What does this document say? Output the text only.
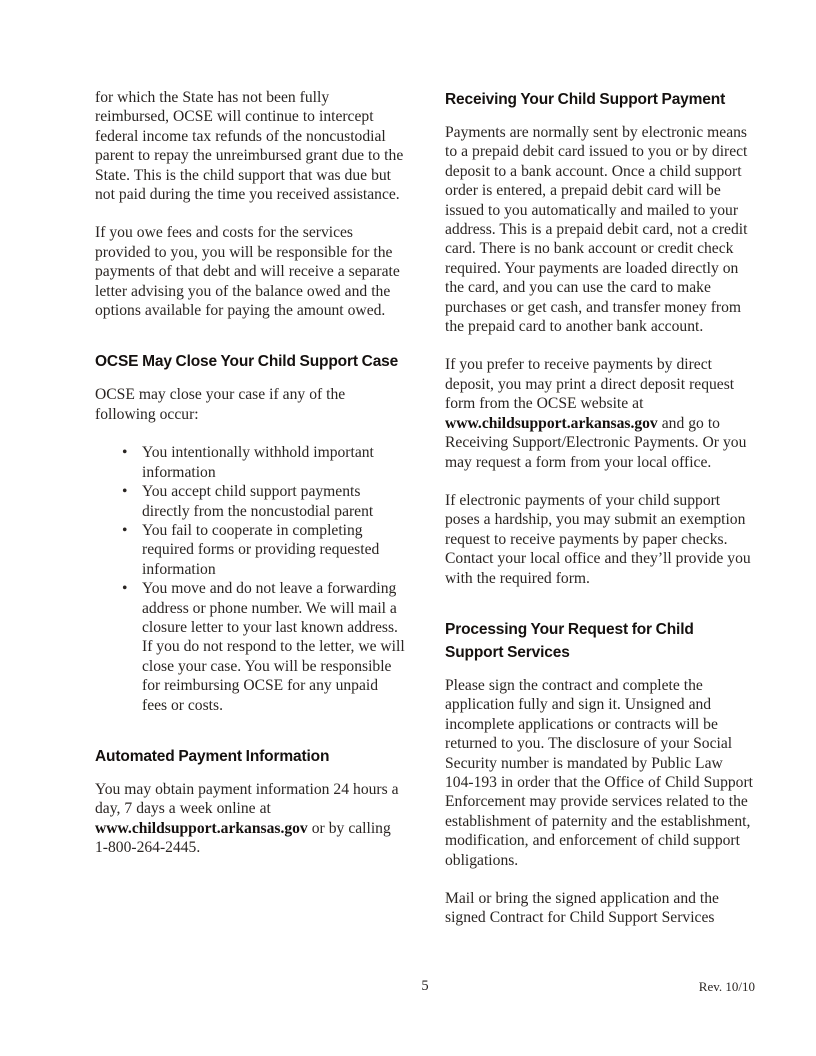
for which the State has not been fully reimbursed, OCSE will continue to intercept federal income tax refunds of the noncustodial parent to repay the unreimbursed grant due to the State. This is the child support that was due but not paid during the time you received assistance.

If you owe fees and costs for the services provided to you, you will be responsible for the payments of that debt and will receive a separate letter advising you of the balance owed and the options available for paying the amount owed.

OCSE May Close Your Child Support Case

OCSE may close your case if any of the following occur:

• You intentionally withhold important information
• You accept child support payments directly from the noncustodial parent
• You fail to cooperate in completing required forms or providing requested information
• You move and do not leave a forwarding address or phone number. We will mail a closure letter to your last known address. If you do not respond to the letter, we will close your case. You will be responsible for reimbursing OCSE for any unpaid fees or costs.
Automated Payment Information

You may obtain payment information 24 hours a day, 7 days a week online at www.childsupport.arkansas.gov or by calling 1-800-264-2445.

Receiving Your Child Support Payment

Payments are normally sent by electronic means to a prepaid debit card issued to you or by direct deposit to a bank account. Once a child support order is entered, a prepaid debit card will be issued to you automatically and mailed to your address. This is a prepaid debit card, not a credit card. There is no bank account or credit check required. Your payments are loaded directly on the card, and you can use the card to make purchases or get cash, and transfer money from the prepaid card to another bank account.

If you prefer to receive payments by direct deposit, you may print a direct deposit request form from the OCSE website at www.childsupport.arkansas.gov and go to Receiving Support/Electronic Payments. Or you may request a form from your local office.

If electronic payments of your child support poses a hardship, you may submit an exemption request to receive payments by paper checks. Contact your local office and they’ll provide you with the required form.

Processing Your Request for Child Support Services

Please sign the contract and complete the application fully and sign it. Unsigned and incomplete applications or contracts will be returned to you. The disclosure of your Social Security number is mandated by Public Law 104-193 in order that the Office of Child Support Enforcement may provide services related to the establishment of paternity and the establishment, modification, and enforcement of child support obligations.

Mail or bring the signed application and the signed Contract for Child Support Services

5	Rev. 10/10
